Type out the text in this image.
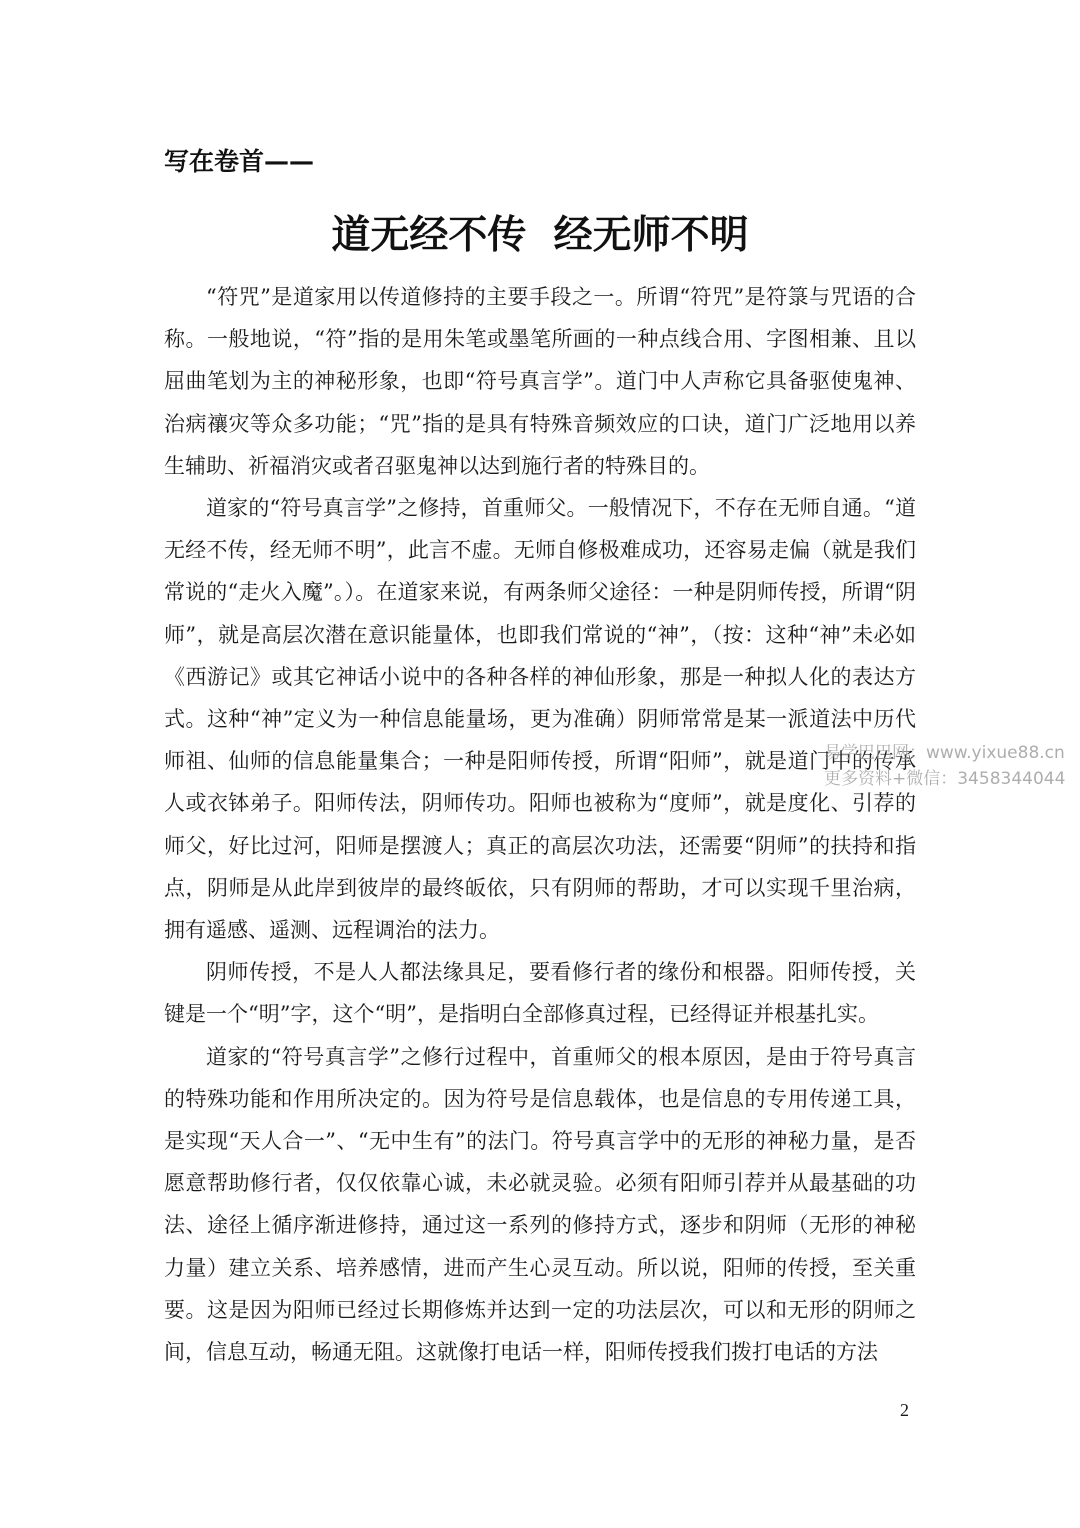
写在卷首——
道无经不传  经无师不明

“符咒”是道家用以传道修持的主要手段之一。所谓“符咒”是符箓与咒语的合称。一般地说，“符”指的是用朱笔或墨笔所画的一种点线合用、字图相兼、且以屈曲笔划为主的神秘形象，也即“符号真言学”。道门中人声称它具备驱使鬼神、治病禳灾等众多功能；“咒”指的是具有特殊音频效应的口诀，道门广泛地用以养生辅助、祈福消灾或者召驱鬼神以达到施行者的特殊目的。

道家的“符号真言学”之修持，首重师父。一般情况下，不存在无师自通。“道无经不传，经无师不明”，此言不虚。无师自修极难成功，还容易走偏（就是我们常说的“走火入魔”。）。在道家来说，有两条师父途径：一种是阴师传授，所谓“阴师”，就是高层次潜在意识能量体，也即我们常说的“神”，（按：这种“神”未必如《西游记》或其它神话小说中的各种各样的神仙形象，那是一种拟人化的表达方式。这种“神”定义为一种信息能量场，更为准确）阴师常常是某一派道法中历代师祖、仙师的信息能量集合；一种是阳师传授，所谓“阳师”，就是道门中的传承人或衣钵弟子。阳师传法，阴师传功。阳师也被称为“度师”，就是度化、引荐的师父，好比过河，阳师是摆渡人；真正的高层次功法，还需要“阴师”的扶持和指点，阴师是从此岸到彼岸的最终皈依，只有阴师的帮助，才可以实现千里治病，拥有遥感、遥测、远程调治的法力。

阴师传授，不是人人都法缘具足，要看修行者的缘份和根器。阳师传授，关键是一个“明”字，这个“明”，是指明白全部修真过程，已经得证并根基扎实。

道家的“符号真言学”之修行过程中，首重师父的根本原因，是由于符号真言的特殊功能和作用所决定的。因为符号是信息载体，也是信息的专用传递工具，是实现“天人合一”、“无中生有”的法门。符号真言学中的无形的神秘力量，是否愿意帮助修行者，仅仅依靠心诚，未必就灵验。必须有阳师引荐并从最基础的功法、途径上循序渐进修持，通过这一系列的修持方式，逐步和阴师（无形的神秘力量）建立关系、培养感情，进而产生心灵互动。所以说，阳师的传授，至关重要。这是因为阳师已经过长期修炼并达到一定的功法层次，可以和无形的阴师之间，信息互动，畅通无阻。这就像打电话一样，阳师传授我们拨打电话的方法

2
易学巴巴网：www.yixue88.cn
更多资料+微信：3458344044
